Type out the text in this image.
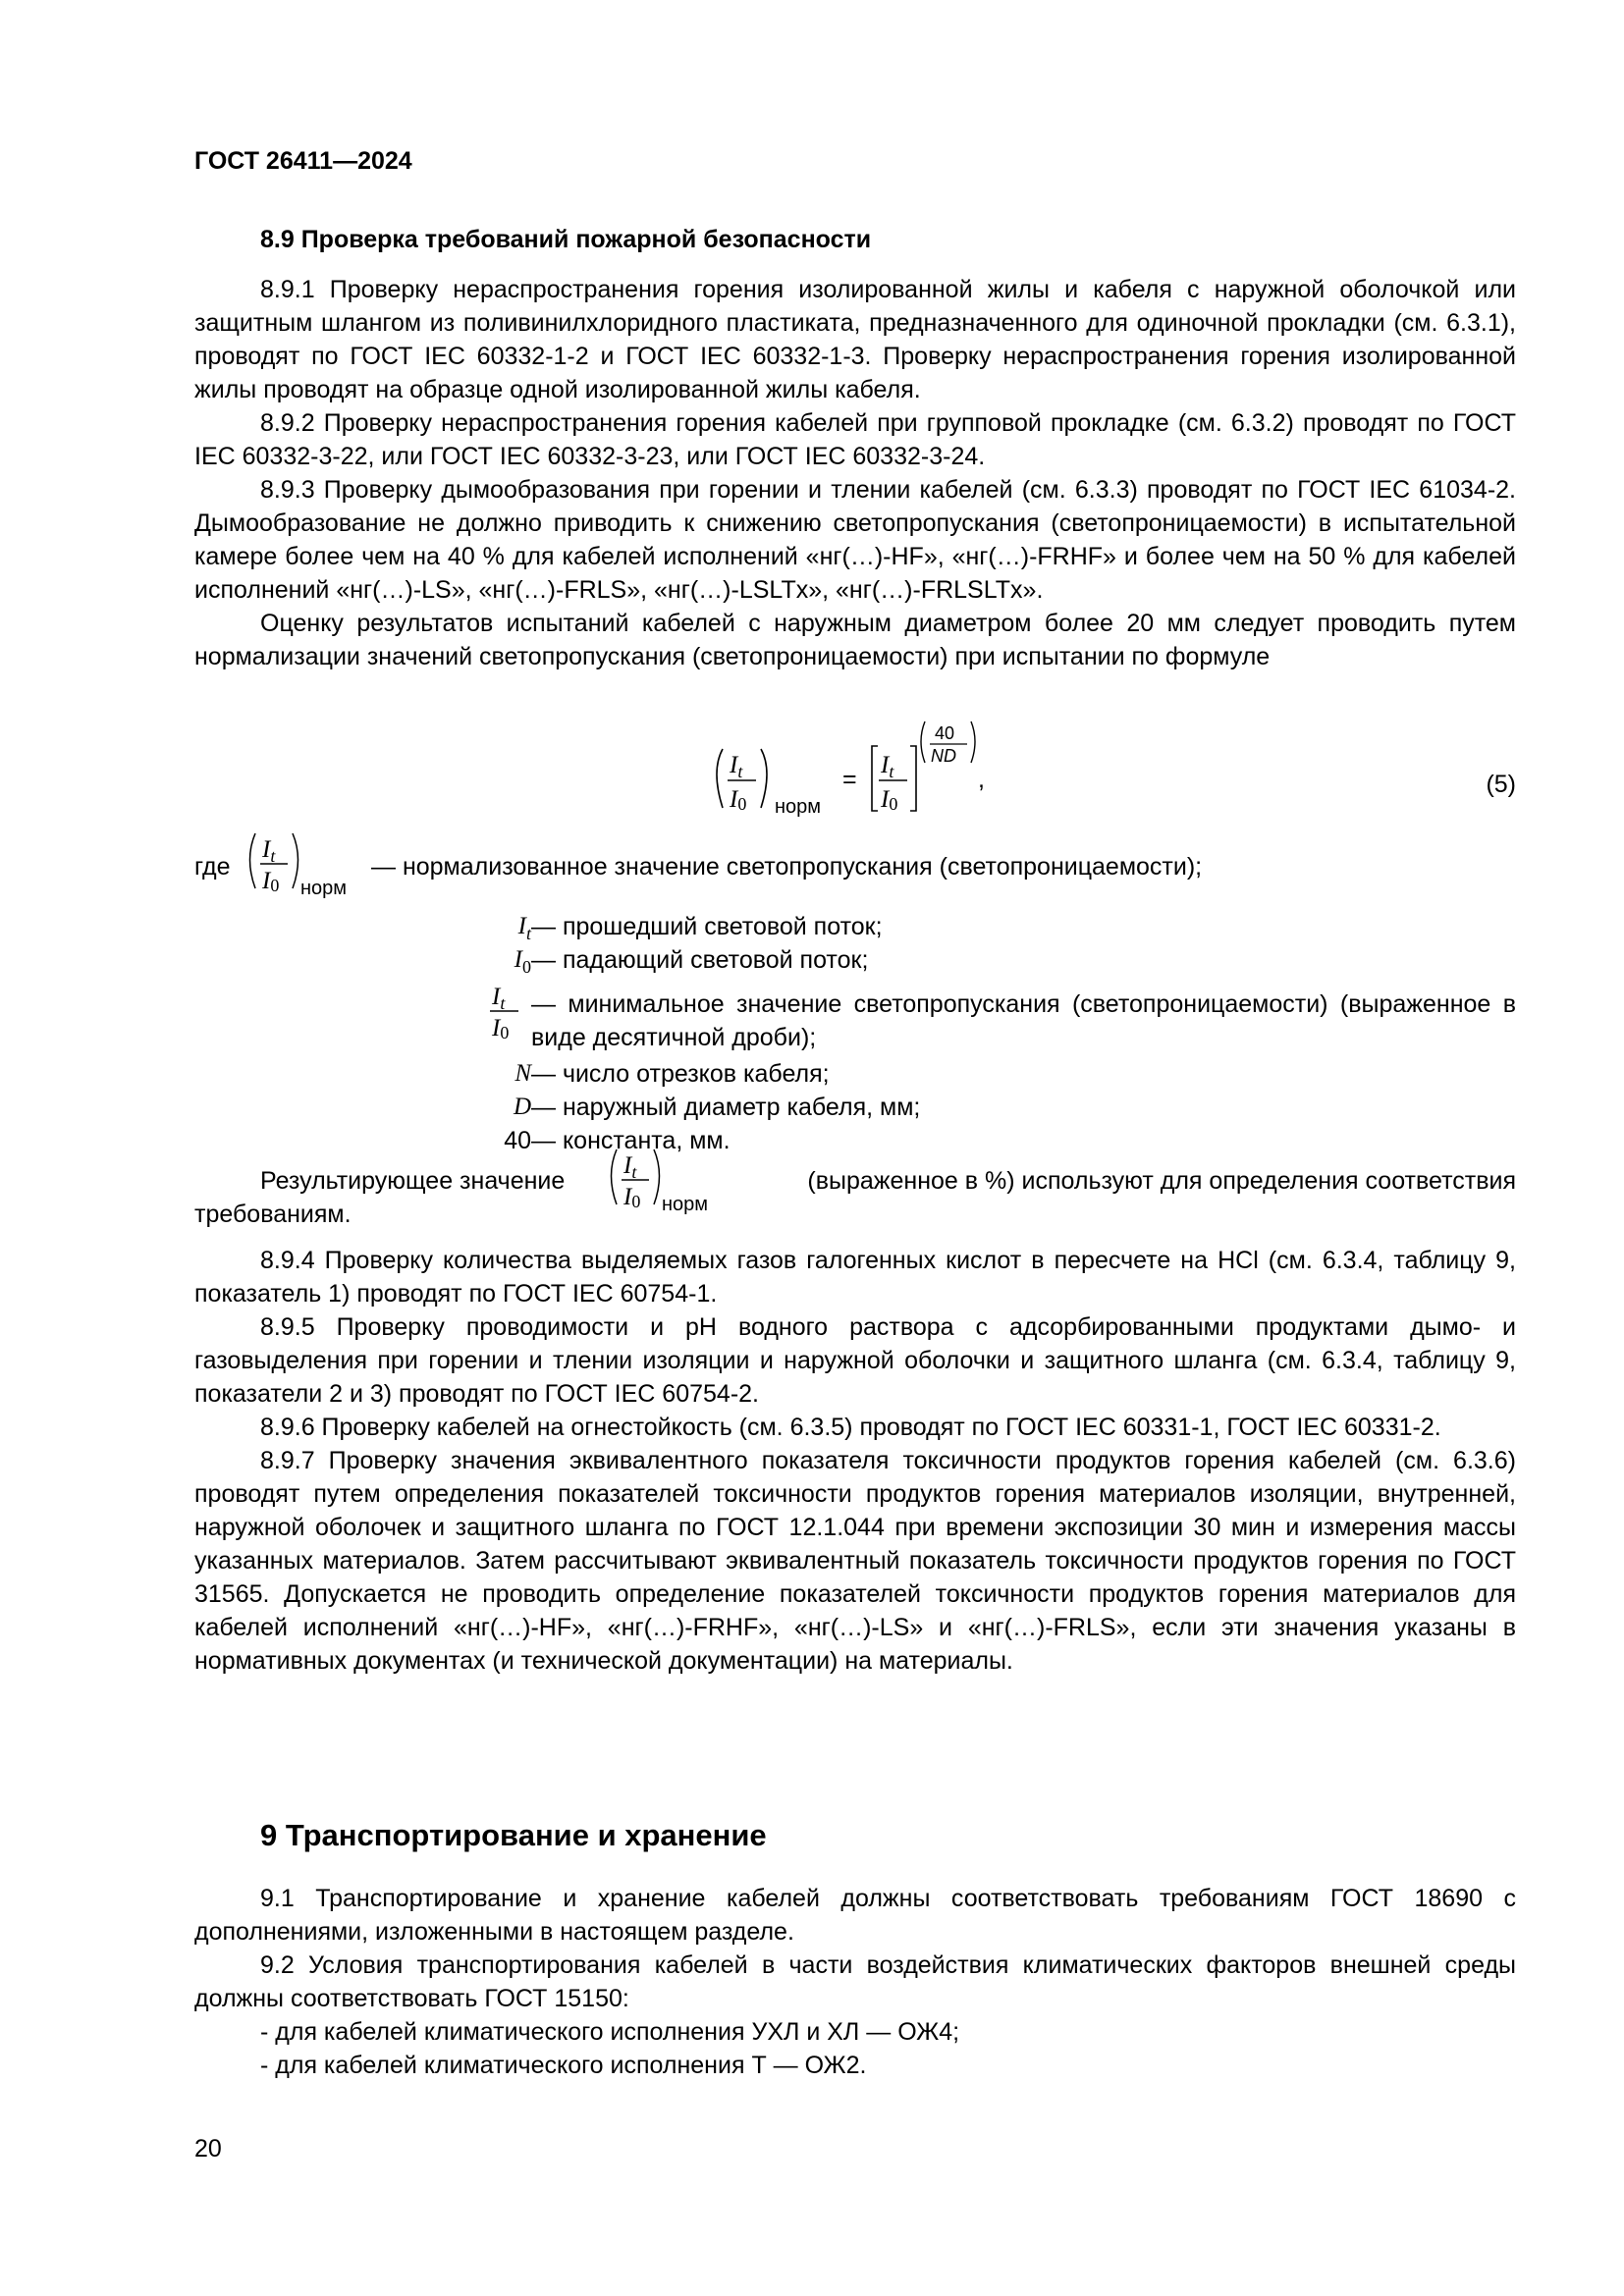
ГОСТ 26411—2024
8.9 Проверка требований пожарной безопасности

8.9.1 Проверку нераспространения горения изолированной жилы и кабеля с наружной оболочкой или защитным шлангом из поливинилхлоридного пластиката, предназначенного для одиночной прокладки (см. 6.3.1), проводят по ГОСТ IEC 60332-1-2 и ГОСТ IEC 60332-1-3. Проверку нераспространения горения изолированной жилы проводят на образце одной изолированной жилы кабеля.

8.9.2 Проверку нераспространения горения кабелей при групповой прокладке (см. 6.3.2) проводят по ГОСТ IEC 60332-3-22, или ГОСТ IEC 60332-3-23, или ГОСТ IEC 60332-3-24.

8.9.3 Проверку дымообразования при горении и тлении кабелей (см. 6.3.3) проводят по ГОСТ IEC 61034-2. Дымообразование не должно приводить к снижению светопропускания (светопроницаемости) в испытательной камере более чем на 40 % для кабелей исполнений «нг(…)-HF», «нг(…)-FRHF» и более чем на 50 % для кабелей исполнений «нг(…)-LS», «нг(…)-FRLS», «нг(…)-LSLTx», «нг(…)-FRLSLTx».

Оценку результатов испытаний кабелей с наружным диаметром более 20 мм следует проводить путем нормализации значений светопропускания (светопроницаемости) при испытании по формуле

$I_t$
I0 норм
=
$I_t$
I0
40
ND
,	(5)
где
$I_t$
I0 норм
— нормализованное значение светопропускания (светопроницаемости);
$I_t$ — прошедший световой поток;
$I_0$ — падающий световой поток;
$I_t$
I0
— минимальное значение светопропускания (светопроницаемости) (выраженное в виде десятичной дроби);
N — число отрезков кабеля;
D — наружный диаметр кабеля, мм;
40 — константа, мм.
Результирующее значение
$I_t$
I0 норм
(выраженное в %) используют для определения соответствия
требованиям.

8.9.4 Проверку количества выделяемых газов галогенных кислот в пересчете на HCl (см. 6.3.4, таблицу 9, показатель 1) проводят по ГОСТ IEC 60754-1.

8.9.5 Проверку проводимости и pH водного раствора с адсорбированными продуктами дымо- и газовыделения при горении и тлении изоляции и наружной оболочки и защитного шланга (см. 6.3.4, таблицу 9, показатели 2 и 3) проводят по ГОСТ IEC 60754-2.

8.9.6 Проверку кабелей на огнестойкость (см. 6.3.5) проводят по ГОСТ IEC 60331-1, ГОСТ IEC 60331-2.

8.9.7 Проверку значения эквивалентного показателя токсичности продуктов горения кабелей (см. 6.3.6) проводят путем определения показателей токсичности продуктов горения материалов изоляции, внутренней, наружной оболочек и защитного шланга по ГОСТ 12.1.044 при времени экспозиции 30 мин и измерения массы указанных материалов. Затем рассчитывают эквивалентный показатель токсичности продуктов горения по ГОСТ 31565. Допускается не проводить определение показателей токсичности продуктов горения материалов для кабелей исполнений «нг(…)-HF», «нг(…)-FRHF», «нг(…)-LS» и «нг(…)-FRLS», если эти значения указаны в нормативных документах (и технической документации) на материалы.

9 Транспортирование и хранение

9.1 Транспортирование и хранение кабелей должны соответствовать требованиям ГОСТ 18690 с дополнениями, изложенными в настоящем разделе.

9.2 Условия транспортирования кабелей в части воздействия климатических факторов внешней среды должны соответствовать ГОСТ 15150:

- для кабелей климатического исполнения УХЛ и ХЛ — ОЖ4;
- для кабелей климатического исполнения Т — ОЖ2.
20
